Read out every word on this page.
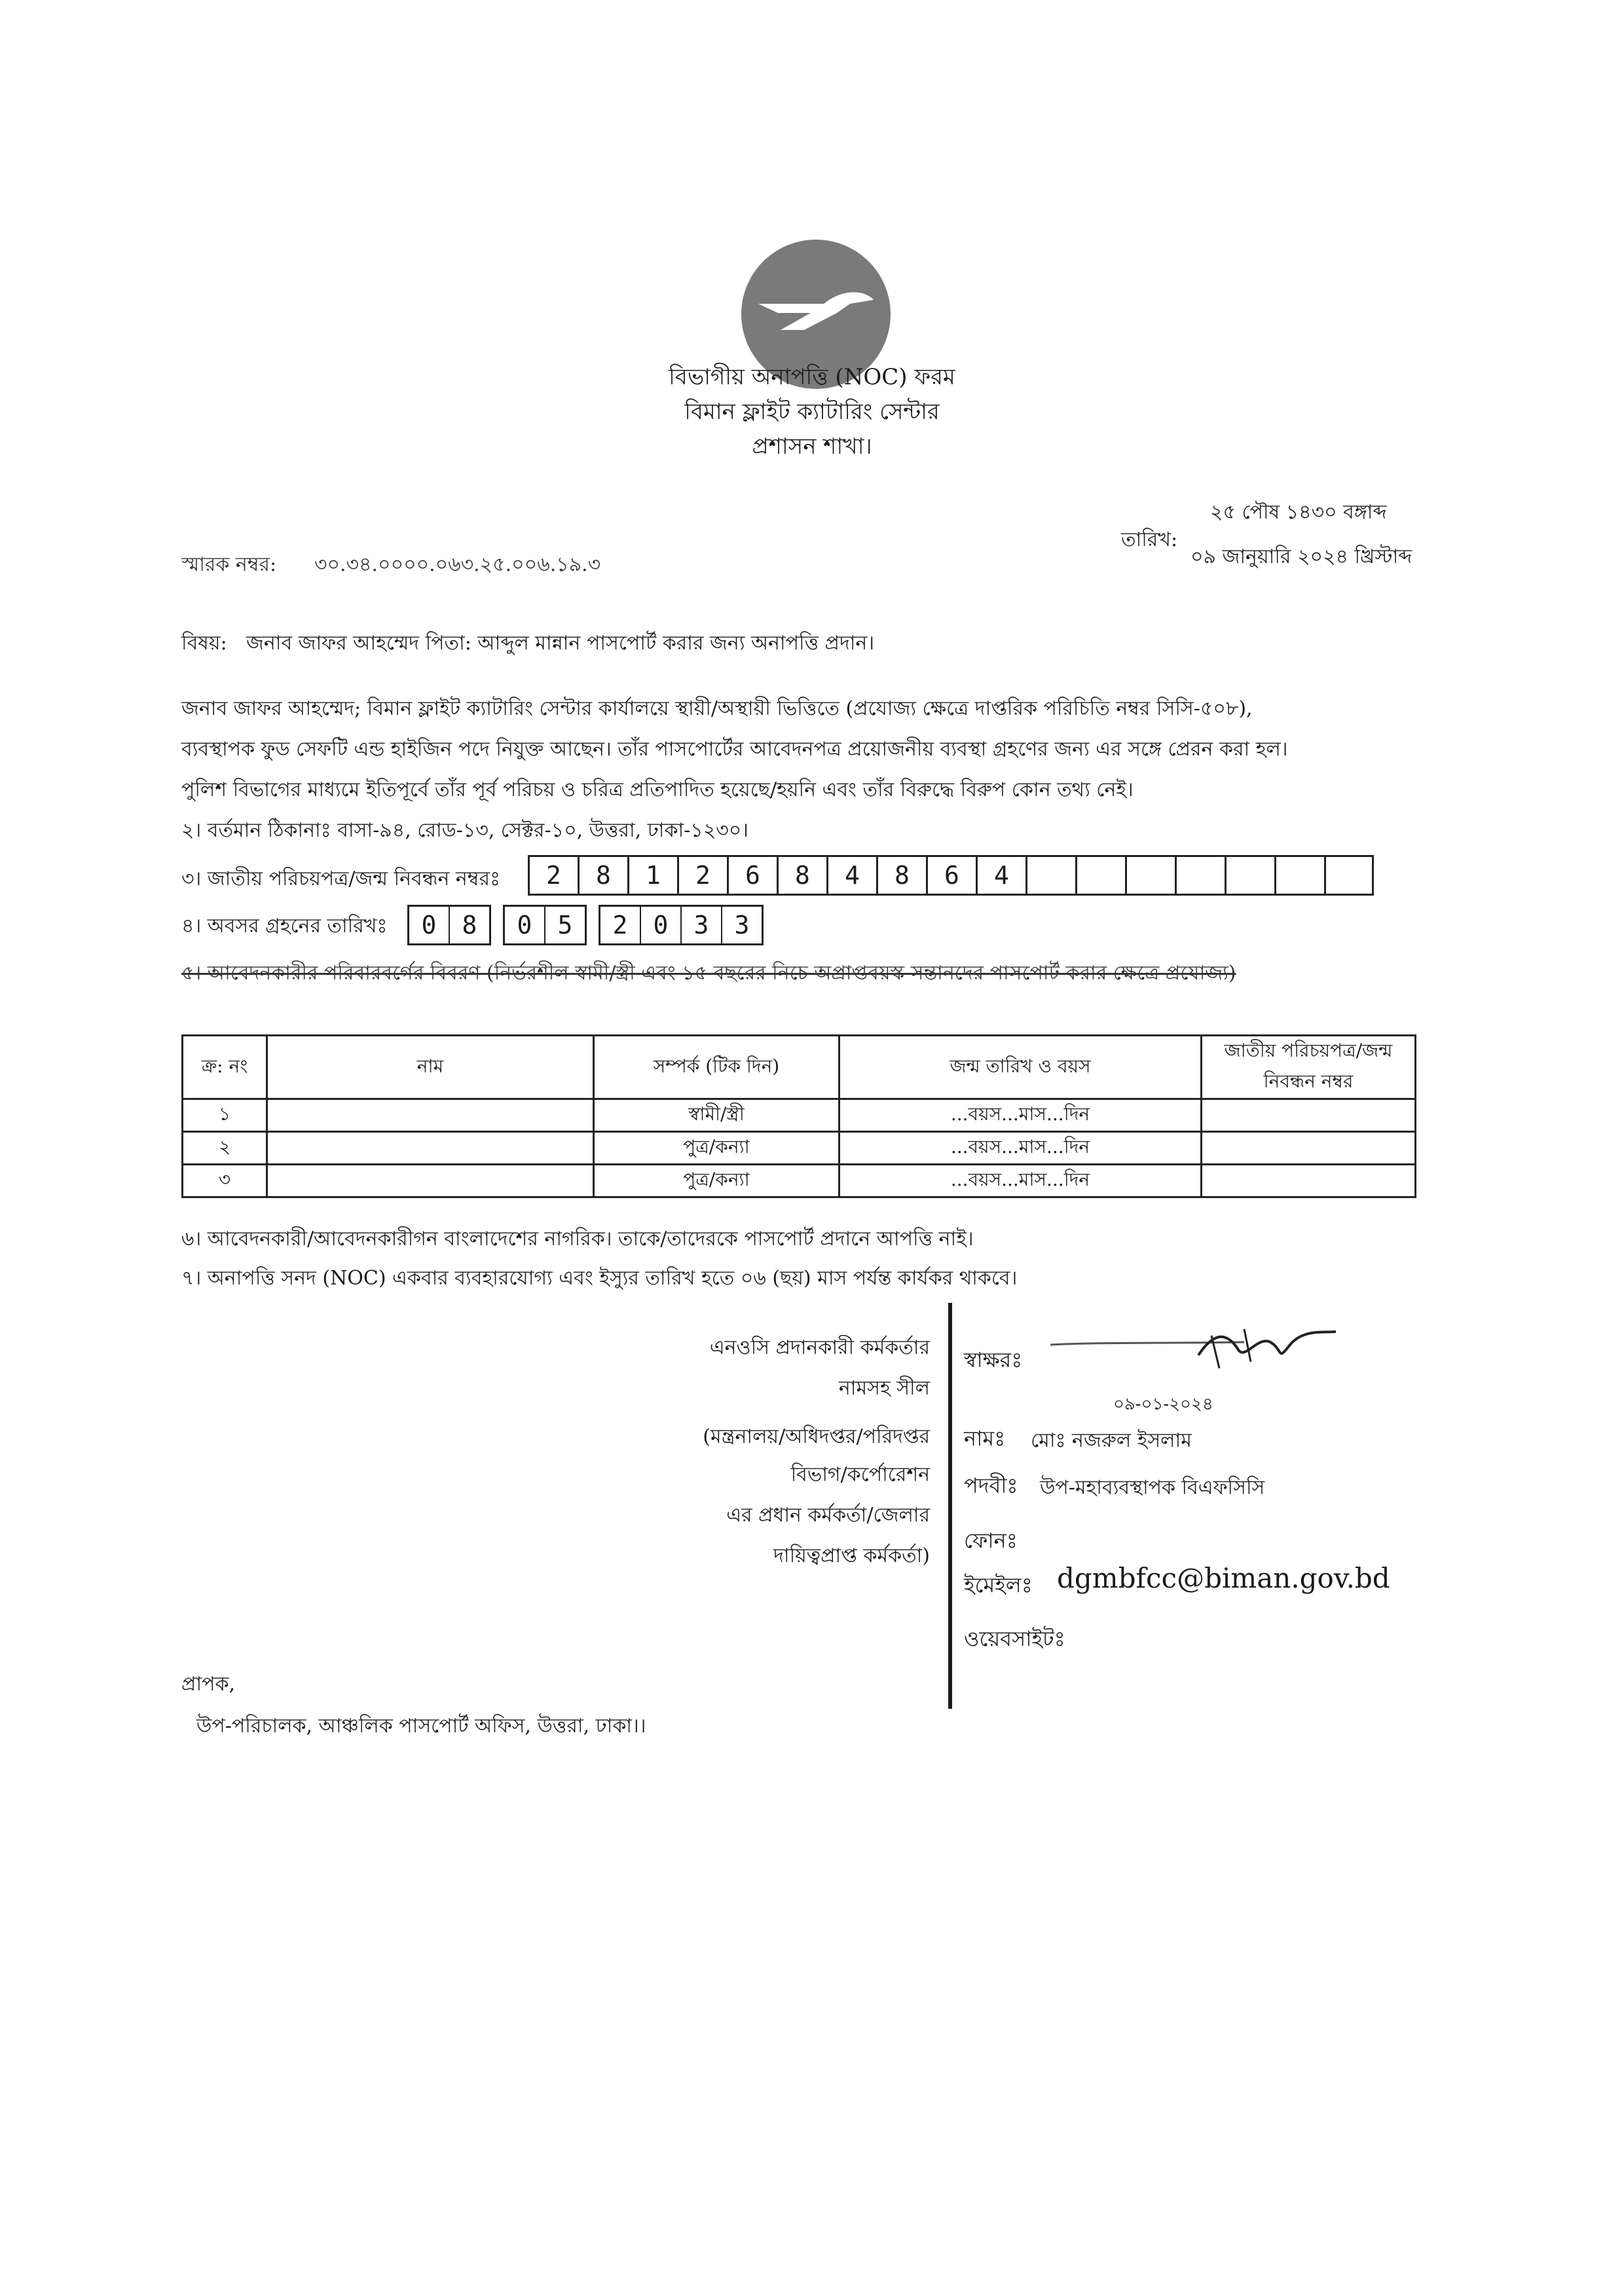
বিভাগীয় অনাপত্তি (NOC) ফরম
বিমান ফ্লাইট ক্যাটারিং সেন্টার
প্রশাসন শাখা।
২৫ পৌষ ১৪৩০ বঙ্গাব্দ
তারিখ:
০৯ জানুয়ারি ২০২৪ খ্রিস্টাব্দ
স্মারক নম্বর: ৩০.৩৪.০০০০.০৬৩.২৫.০০৬.১৯.৩
বিষয়: জনাব জাফর আহম্মেদ পিতা: আব্দুল মান্নান পাসপোর্ট করার জন্য অনাপত্তি প্রদান।
জনাব জাফর আহম্মেদ; বিমান ফ্লাইট ক্যাটারিং সেন্টার কার্যালয়ে স্থায়ী/অস্থায়ী ভিত্তিতে (প্রযোজ্য ক্ষেত্রে দাপ্তরিক পরিচিতি নম্বর সিসি-৫০৮),
ব্যবস্থাপক ফুড সেফটি এন্ড হাইজিন পদে নিযুক্ত আছেন। তাঁর পাসপোর্টের আবেদনপত্র প্রয়োজনীয় ব্যবস্থা গ্রহণের জন্য এর সঙ্গে প্রেরন করা হল।
পুলিশ বিভাগের মাধ্যমে ইতিপূর্বে তাঁর পূর্ব পরিচয় ও চরিত্র প্রতিপাদিত হয়েছে/হয়নি এবং তাঁর বিরুদ্ধে বিরুপ কোন তথ্য নেই।
২। বর্তমান ঠিকানাঃ বাসা-৯৪, রোড-১৩, সেক্টর-১০, উত্তরা, ঢাকা-১২৩০।
৩। জাতীয় পরিচয়পত্র/জন্ম নিবন্ধন নম্বরঃ	2	8	1	2	6	8	4	8	6	4
৪। অবসর গ্রহনের তারিখঃ	0	8	0	5	2	0	3	3
৫। আবেদনকারীর পরিবারবর্গের বিবরণ (নির্ভরশীল স্বামী/স্ত্রী এবং ১৫ বছরের নিচে অপ্রাপ্তবয়স্ক সন্তানদের পাসপোর্ট করার ক্ষেত্রে প্রযোজ্য)
ক্র: নং	নাম	সম্পর্ক (টিক দিন)	জন্ম তারিখ ও বয়স	জাতীয় পরিচয়পত্র/জন্ম নিবন্ধন নম্বর
১		স্বামী/স্ত্রী	...বয়স...মাস...দিন	
২		পুত্র/কন্যা	...বয়স...মাস...দিন	
৩		পুত্র/কন্যা	...বয়স...মাস...দিন	
৬। আবেদনকারী/আবেদনকারীগন বাংলাদেশের নাগরিক। তাকে/তাদেরকে পাসপোর্ট প্রদানে আপত্তি নাই।
৭। অনাপত্তি সনদ (NOC) একবার ব্যবহারযোগ্য এবং ইস্যুর তারিখ হতে ০৬ (ছয়) মাস পর্যন্ত কার্যকর থাকবে।
এনওসি প্রদানকারী কর্মকর্তার
নামসহ সীল
(মন্ত্রনালয়/অধিদপ্তর/পরিদপ্তর
বিভাগ/কর্পোরেশন
এর প্রধান কর্মকর্তা/জেলার
দায়িত্বপ্রাপ্ত কর্মকর্তা)
স্বাক্ষরঃ
০৯-০১-২০২৪
নামঃ মোঃ নজরুল ইসলাম
পদবীঃ উপ-মহাব্যবস্থাপক বিএফসিসি
ফোনঃ
ইমেইলঃ dgmbfcc@biman.gov.bd
ওয়েবসাইটঃ
প্রাপক,
উপ-পরিচালক, আঞ্চলিক পাসপোর্ট অফিস, উত্তরা, ঢাকা।।
